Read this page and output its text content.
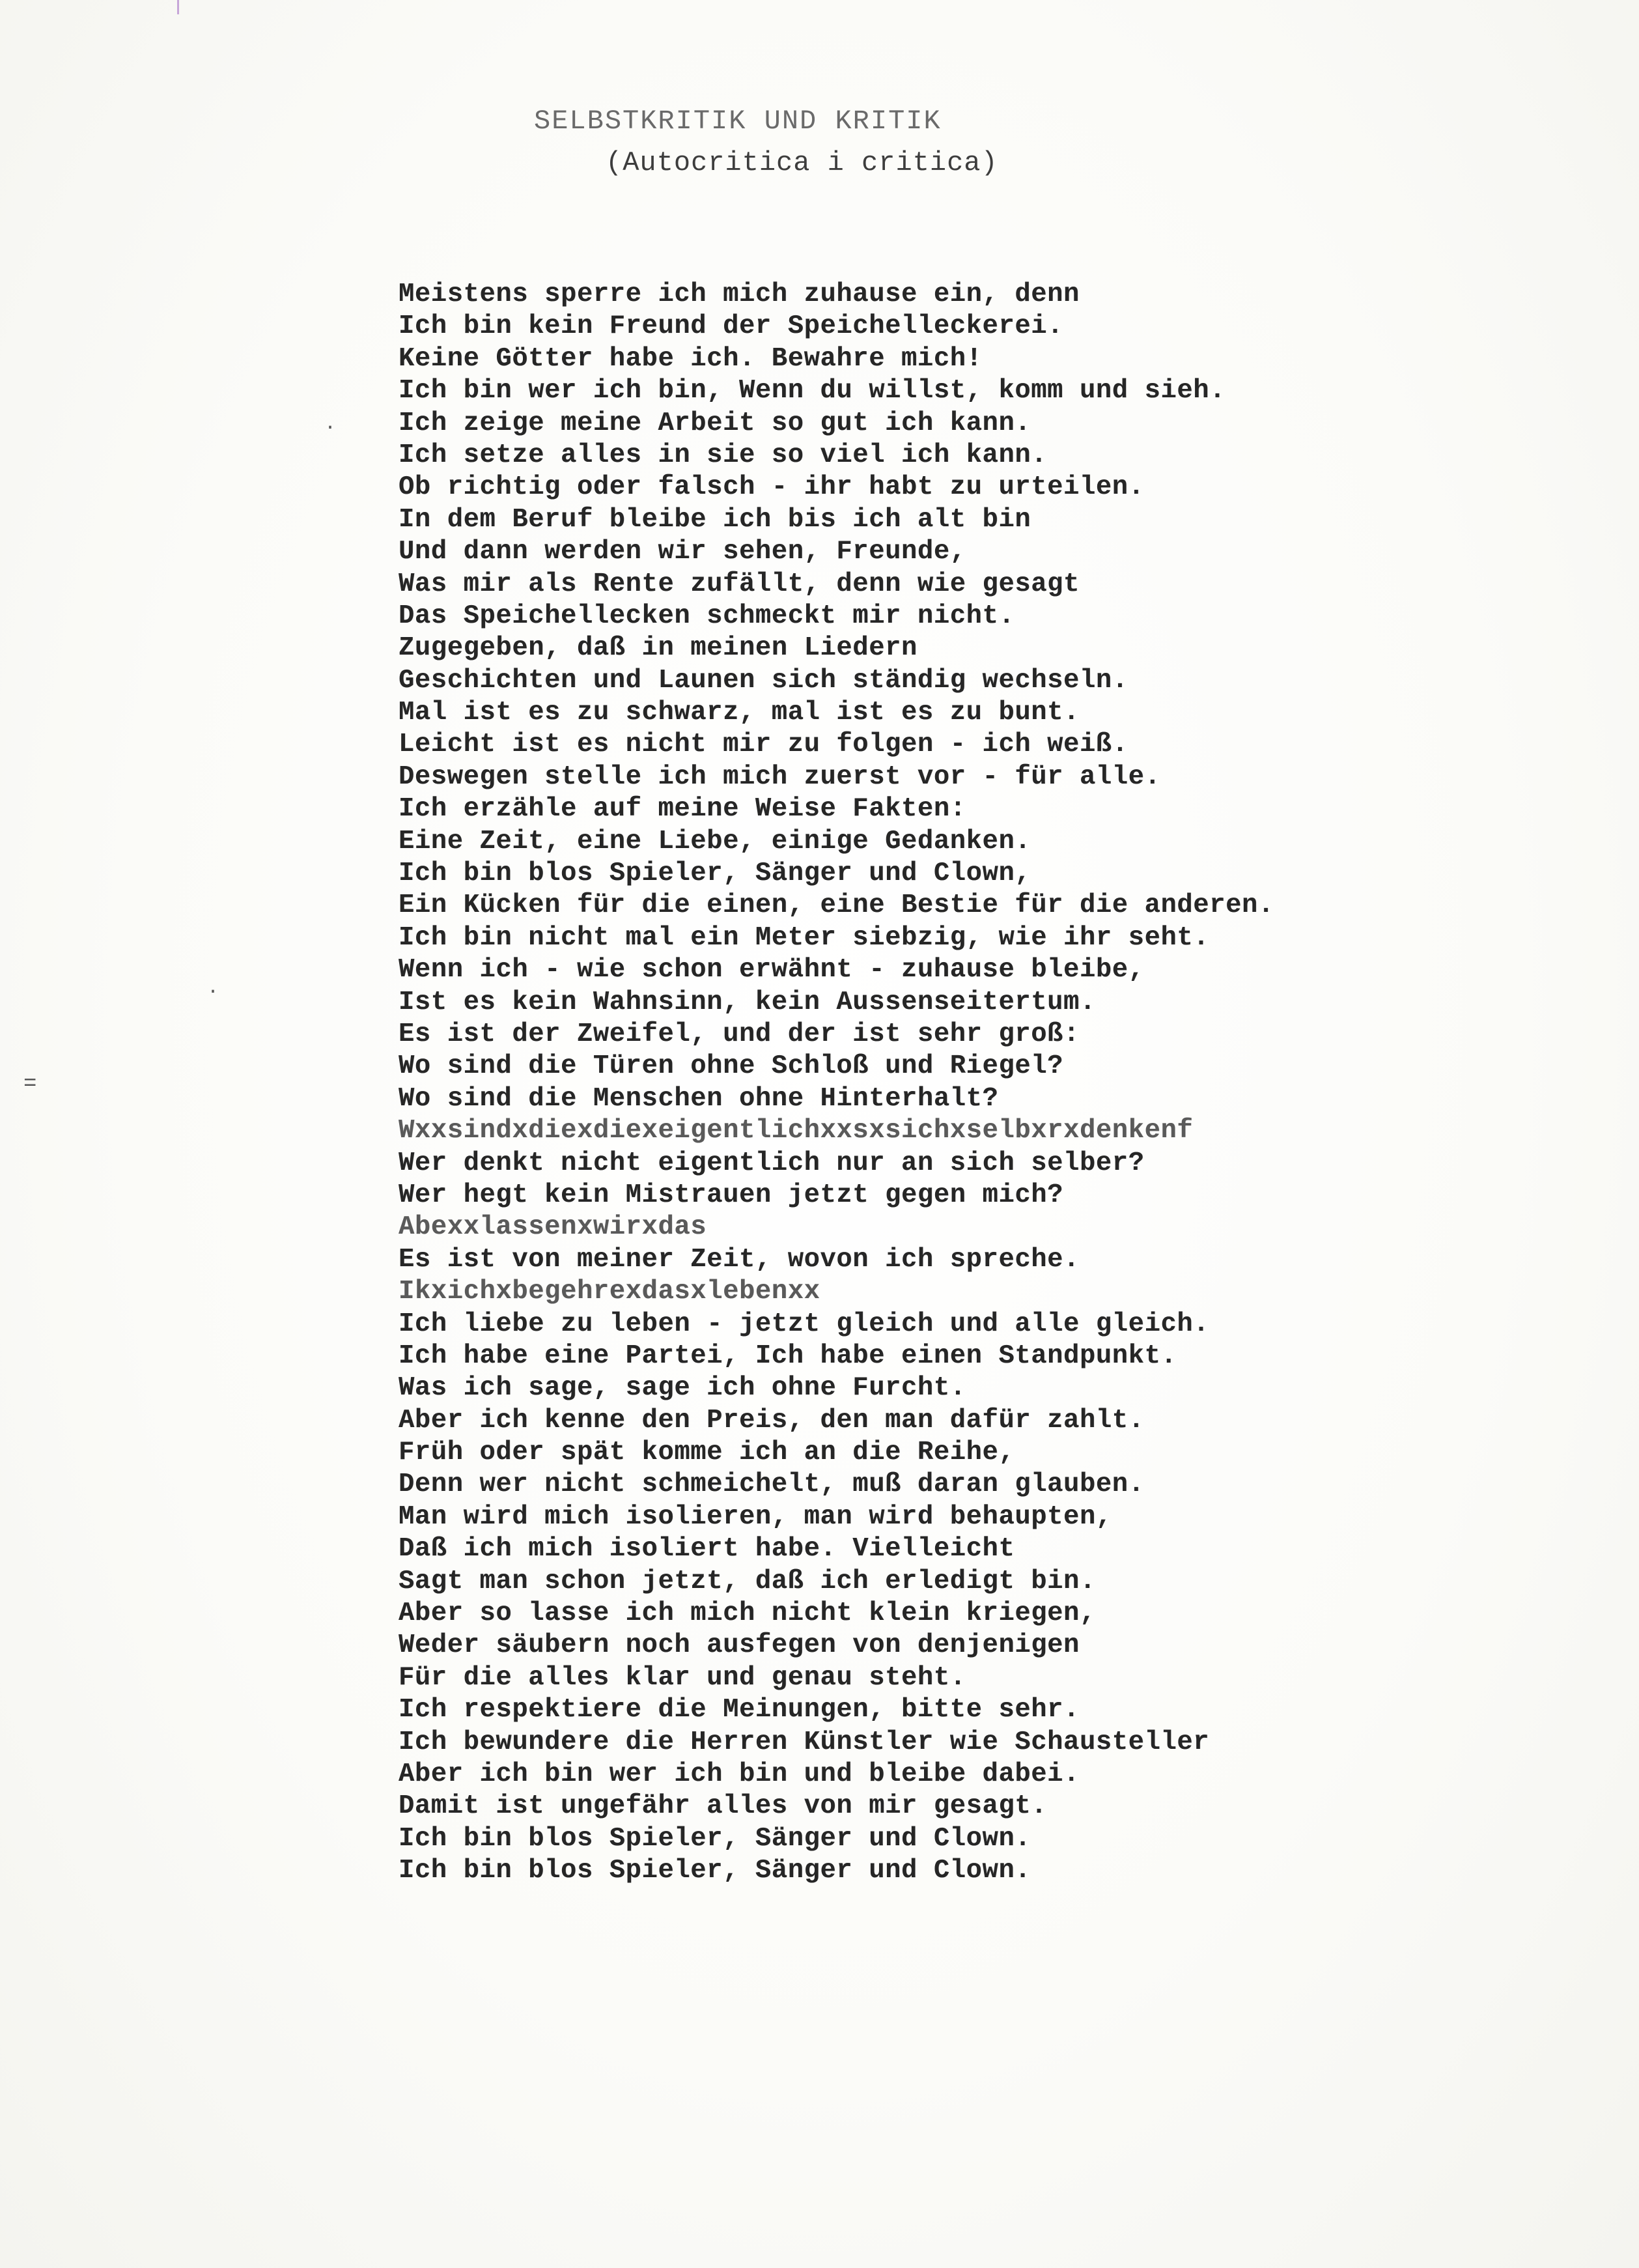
·
·
=
SELBSTKRITIK UND KRITIK
(Autocritica i critica)
Meistens sperre ich mich zuhause ein, denn
Ich bin kein Freund der Speichelleckerei.
Keine Götter habe ich. Bewahre mich!
Ich bin wer ich bin, Wenn du willst, komm und sieh.
Ich zeige meine Arbeit so gut ich kann.
Ich setze alles in sie so viel ich kann.
Ob richtig oder falsch - ihr habt zu urteilen.
In dem Beruf bleibe ich bis ich alt bin
Und dann werden wir sehen, Freunde,
Was mir als Rente zufällt, denn wie gesagt
Das Speichellecken schmeckt mir nicht.
Zugegeben, daß in meinen Liedern
Geschichten und Launen sich ständig wechseln.
Mal ist es zu schwarz, mal ist es zu bunt.
Leicht ist es nicht mir zu folgen - ich weiß.
Deswegen stelle ich mich zuerst vor - für alle.
Ich erzähle auf meine Weise Fakten:
Eine Zeit, eine Liebe, einige Gedanken.
Ich bin blos Spieler, Sänger und Clown,
Ein Kücken für die einen, eine Bestie für die anderen.
Ich bin nicht mal ein Meter siebzig, wie ihr seht.
Wenn ich - wie schon erwähnt - zuhause bleibe,
Ist es kein Wahnsinn, kein Aussenseitertum.
Es ist der Zweifel, und der ist sehr groß:
Wo sind die Türen ohne Schloß und Riegel?
Wo sind die Menschen ohne Hinterhalt?
Wxxsindxdiexdiexeigentlichxxsxsichxselbxrxdenkenf
Wer denkt nicht eigentlich nur an sich selber?
Wer hegt kein Mistrauen jetzt gegen mich?
Abexxlassenxwirxdas
Es ist von meiner Zeit, wovon ich spreche.
Ikxichxbegehrexdasxlebenxx
Ich liebe zu leben - jetzt gleich und alle gleich.
Ich habe eine Partei, Ich habe einen Standpunkt.
Was ich sage, sage ich ohne Furcht.
Aber ich kenne den Preis, den man dafür zahlt.
Früh oder spät komme ich an die Reihe,
Denn wer nicht schmeichelt, muß daran glauben.
Man wird mich isolieren, man wird behaupten,
Daß ich mich isoliert habe. Vielleicht
Sagt man schon jetzt, daß ich erledigt bin.
Aber so lasse ich mich nicht klein kriegen,
Weder säubern noch ausfegen von denjenigen
Für die alles klar und genau steht.
Ich respektiere die Meinungen, bitte sehr.
Ich bewundere die Herren Künstler wie Schausteller
Aber ich bin wer ich bin und bleibe dabei.
Damit ist ungefähr alles von mir gesagt.
Ich bin blos Spieler, Sänger und Clown.
Ich bin blos Spieler, Sänger und Clown.
